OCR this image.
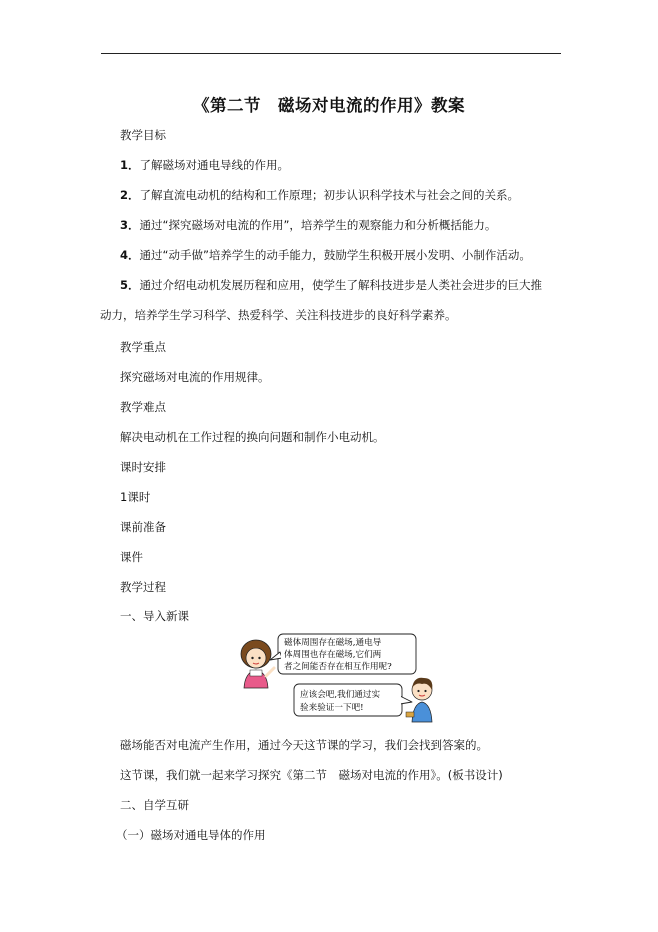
《第二节　磁场对电流的作用》教案
教学目标
1．了解磁场对通电导线的作用。
2．了解直流电动机的结构和工作原理；初步认识科学技术与社会之间的关系。
3．通过“探究磁场对电流的作用”，培养学生的观察能力和分析概括能力。
4．通过“动手做”培养学生的动手能力，鼓励学生积极开展小发明、小制作活动。
5．通过介绍电动机发展历程和应用，使学生了解科技进步是人类社会进步的巨大推
动力，培养学生学习科学、热爱科学、关注科技进步的良好科学素养。
教学重点
探究磁场对电流的作用规律。
教学难点
解决电动机在工作过程的换向问题和制作小电动机。
课时安排
1课时
课前准备
课件
教学过程
一、导入新课
磁体周围存在磁场,通电导
体周围也存在磁场,它们两
者之间能否存在相互作用呢?
应该会吧,我们通过实
验来验证一下吧!
磁场能否对电流产生作用，通过今天这节课的学习，我们会找到答案的。
这节课，我们就一起来学习探究《第二节　磁场对电流的作用》。(板书设计)
二、自学互研
（一）磁场对通电导体的作用
